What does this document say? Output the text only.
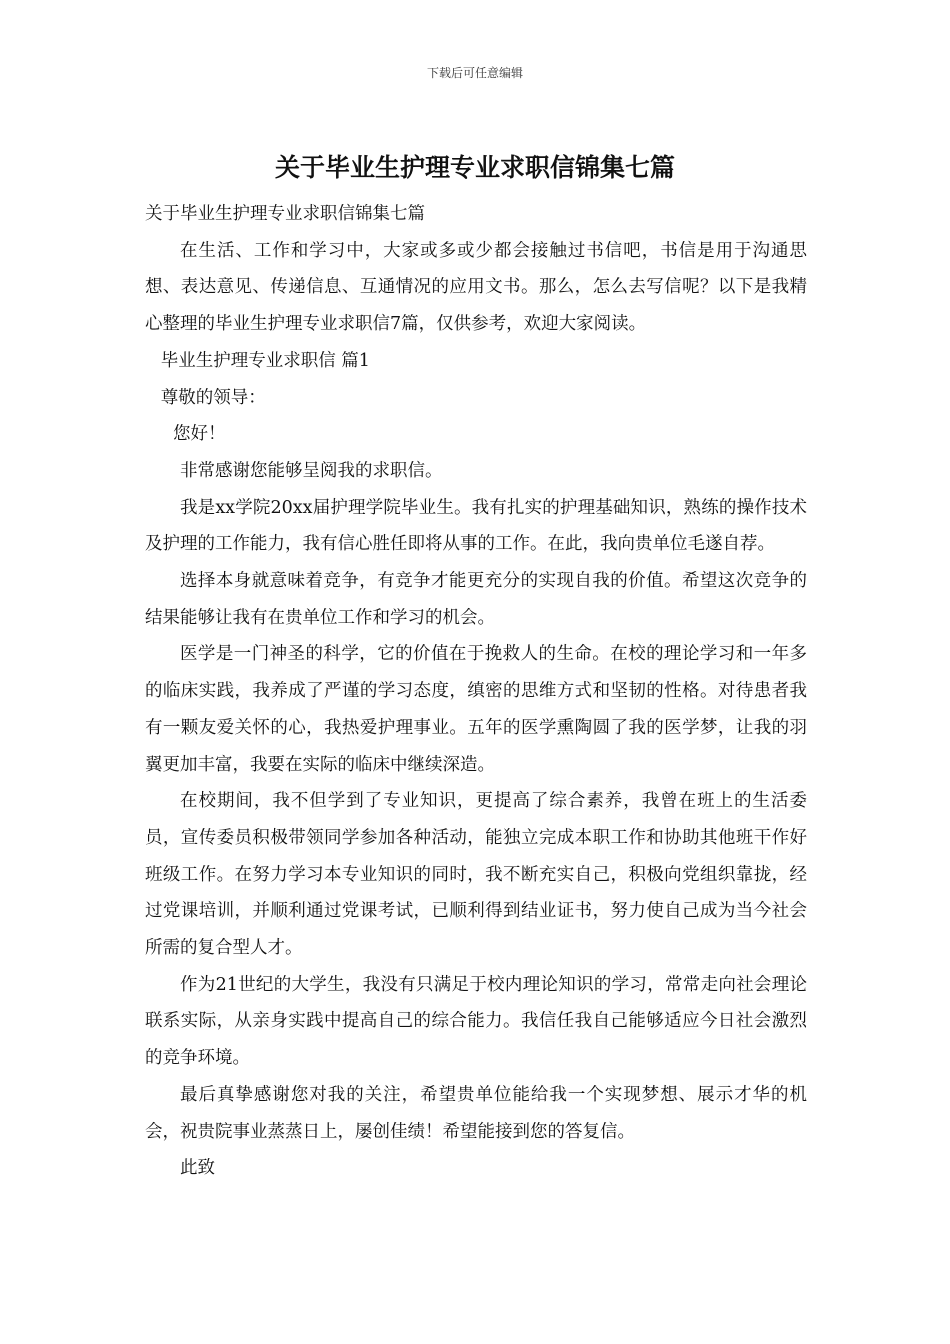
下载后可任意编辑
关于毕业生护理专业求职信锦集七篇

关于毕业生护理专业求职信锦集七篇

在生活、工作和学习中，大家或多或少都会接触过书信吧，书信是用于沟通思想、表达意见、传递信息、互通情况的应用文书。那么，怎么去写信呢？以下是我精心整理的毕业生护理专业求职信7篇，仅供参考，欢迎大家阅读。

毕业生护理专业求职信 篇1

尊敬的领导：

您好！

非常感谢您能够呈阅我的求职信。

我是xx学院20xx届护理学院毕业生。我有扎实的护理基础知识，熟练的操作技术及护理的工作能力，我有信心胜任即将从事的工作。在此，我向贵单位毛遂自荐。

选择本身就意味着竞争，有竞争才能更充分的实现自我的价值。希望这次竞争的结果能够让我有在贵单位工作和学习的机会。

医学是一门神圣的科学，它的价值在于挽救人的生命。在校的理论学习和一年多的临床实践，我养成了严谨的学习态度，缜密的思维方式和坚韧的性格。对待患者我有一颗友爱关怀的心，我热爱护理事业。五年的医学熏陶圆了我的医学梦，让我的羽翼更加丰富，我要在实际的临床中继续深造。

在校期间，我不但学到了专业知识，更提高了综合素养，我曾在班上的生活委员，宣传委员积极带领同学参加各种活动，能独立完成本职工作和协助其他班干作好班级工作。在努力学习本专业知识的同时，我不断充实自己，积极向党组织靠拢，经过党课培训，并顺利通过党课考试，已顺利得到结业证书，努力使自己成为当今社会所需的复合型人才。

作为21世纪的大学生，我没有只满足于校内理论知识的学习，常常走向社会理论联系实际，从亲身实践中提高自己的综合能力。我信任我自己能够适应今日社会激烈的竞争环境。

最后真挚感谢您对我的关注，希望贵单位能给我一个实现梦想、展示才华的机会，祝贵院事业蒸蒸日上，屡创佳绩！希望能接到您的答复信。

此致
